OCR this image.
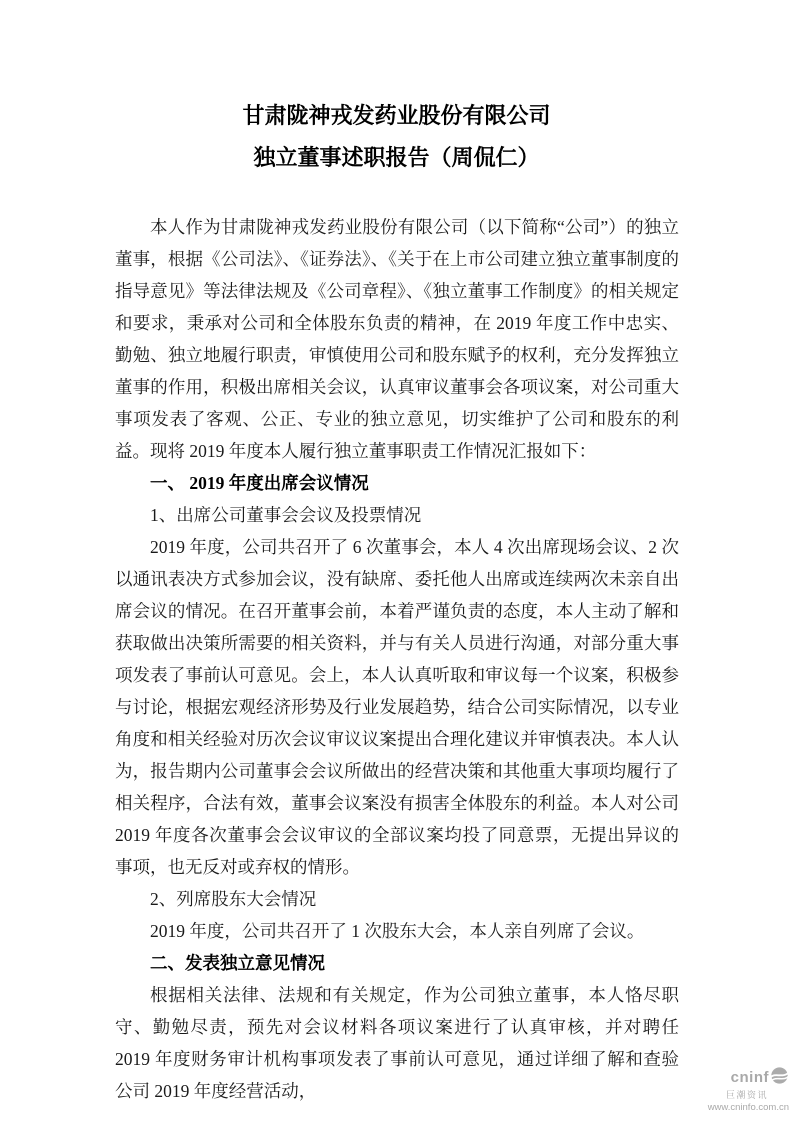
甘肃陇神戎发药业股份有限公司
独立董事述职报告（周侃仁）

本人作为甘肃陇神戎发药业股份有限公司（以下简称“公司”）的独立董事，根据《公司法》、《证券法》、《关于在上市公司建立独立董事制度的指导意见》等法律法规及《公司章程》、《独立董事工作制度》的相关规定和要求，秉承对公司和全体股东负责的精神，在 2019 年度工作中忠实、勤勉、独立地履行职责，审慎使用公司和股东赋予的权利，充分发挥独立董事的作用，积极出席相关会议，认真审议董事会各项议案，对公司重大事项发表了客观、公正、专业的独立意见，切实维护了公司和股东的利益。现将 2019 年度本人履行独立董事职责工作情况汇报如下：

一、 2019 年度出席会议情况

1、出席公司董事会会议及投票情况

2019 年度，公司共召开了 6 次董事会，本人 4 次出席现场会议、2 次以通讯表决方式参加会议，没有缺席、委托他人出席或连续两次未亲自出席会议的情况。在召开董事会前，本着严谨负责的态度，本人主动了解和获取做出决策所需要的相关资料，并与有关人员进行沟通，对部分重大事项发表了事前认可意见。会上，本人认真听取和审议每一个议案，积极参与讨论，根据宏观经济形势及行业发展趋势，结合公司实际情况，以专业角度和相关经验对历次会议审议议案提出合理化建议并审慎表决。本人认为，报告期内公司董事会会议所做出的经营决策和其他重大事项均履行了相关程序，合法有效，董事会议案没有损害全体股东的利益。本人对公司 2019 年度各次董事会会议审议的全部议案均投了同意票，无提出异议的事项，也无反对或弃权的情形。

2、列席股东大会情况

2019 年度，公司共召开了 1 次股东大会，本人亲自列席了会议。

二、发表独立意见情况

根据相关法律、法规和有关规定，作为公司独立董事，本人恪尽职守、勤勉尽责，预先对会议材料各项议案进行了认真审核，并对聘任 2019 年度财务审计机构事项发表了事前认可意见，通过详细了解和查验公司 2019 年度经营活动，

cninf
巨潮资讯
www.cninfo.com.cn
